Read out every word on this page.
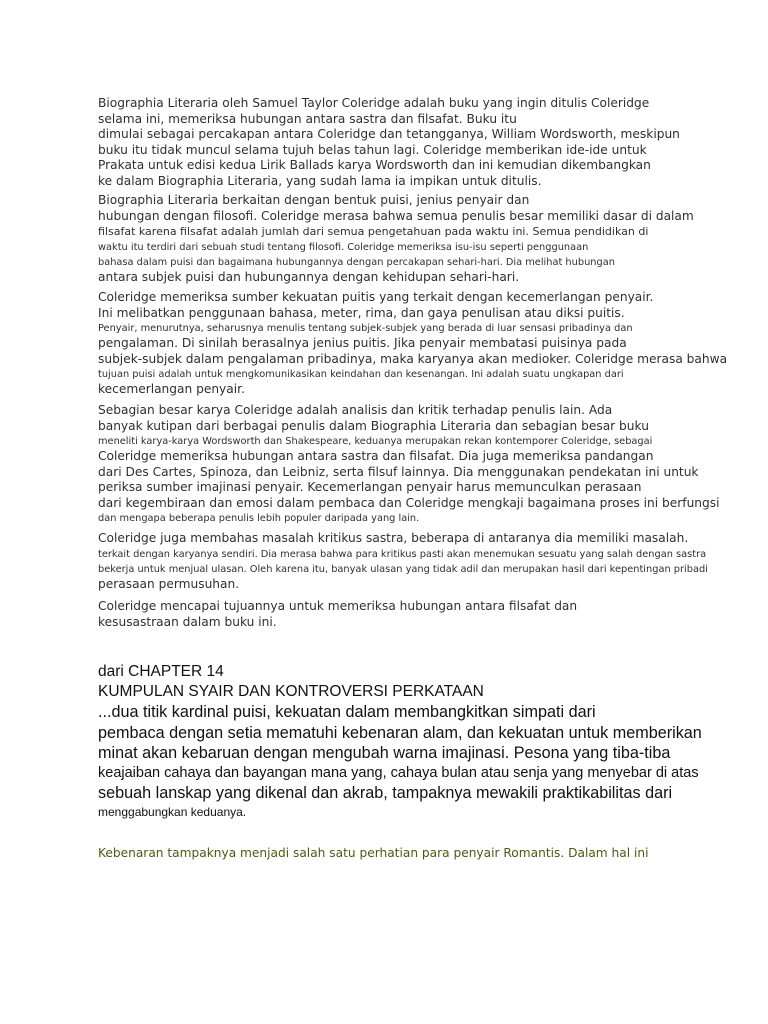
Biographia Literaria oleh Samuel Taylor Coleridge adalah buku yang ingin ditulis Coleridge
selama ini, memeriksa hubungan antara sastra dan filsafat. Buku itu
dimulai sebagai percakapan antara Coleridge dan tetangganya, William Wordsworth, meskipun
buku itu tidak muncul selama tujuh belas tahun lagi. Coleridge memberikan ide-ide untuk
Prakata untuk edisi kedua Lirik Ballads karya Wordsworth dan ini kemudian dikembangkan
ke dalam Biographia Literaria, yang sudah lama ia impikan untuk ditulis.
Biographia Literaria berkaitan dengan bentuk puisi, jenius penyair dan
hubungan dengan filosofi. Coleridge merasa bahwa semua penulis besar memiliki dasar di dalam
filsafat karena filsafat adalah jumlah dari semua pengetahuan pada waktu ini. Semua pendidikan di
waktu itu terdiri dari sebuah studi tentang filosofi. Coleridge memeriksa isu-isu seperti penggunaan
bahasa dalam puisi dan bagaimana hubungannya dengan percakapan sehari-hari. Dia melihat hubungan
antara subjek puisi dan hubungannya dengan kehidupan sehari-hari.
Coleridge memeriksa sumber kekuatan puitis yang terkait dengan kecemerlangan penyair.
Ini melibatkan penggunaan bahasa, meter, rima, dan gaya penulisan atau diksi puitis.
Penyair, menurutnya, seharusnya menulis tentang subjek-subjek yang berada di luar sensasi pribadinya dan
pengalaman. Di sinilah berasalnya jenius puitis. Jika penyair membatasi puisinya pada
subjek-subjek dalam pengalaman pribadinya, maka karyanya akan medioker. Coleridge merasa bahwa
tujuan puisi adalah untuk mengkomunikasikan keindahan dan kesenangan. Ini adalah suatu ungkapan dari
kecemerlangan penyair.
Sebagian besar karya Coleridge adalah analisis dan kritik terhadap penulis lain. Ada
banyak kutipan dari berbagai penulis dalam Biographia Literaria dan sebagian besar buku
meneliti karya-karya Wordsworth dan Shakespeare, keduanya merupakan rekan kontemporer Coleridge, sebagai
Coleridge memeriksa hubungan antara sastra dan filsafat. Dia juga memeriksa pandangan
dari Des Cartes, Spinoza, dan Leibniz, serta filsuf lainnya. Dia menggunakan pendekatan ini untuk
periksa sumber imajinasi penyair. Kecemerlangan penyair harus memunculkan perasaan
dari kegembiraan dan emosi dalam pembaca dan Coleridge mengkaji bagaimana proses ini berfungsi
dan mengapa beberapa penulis lebih populer daripada yang lain.
Coleridge juga membahas masalah kritikus sastra, beberapa di antaranya dia memiliki masalah.
terkait dengan karyanya sendiri. Dia merasa bahwa para kritikus pasti akan menemukan sesuatu yang salah dengan sastra
bekerja untuk menjual ulasan. Oleh karena itu, banyak ulasan yang tidak adil dan merupakan hasil dari kepentingan pribadi
perasaan permusuhan.
Coleridge mencapai tujuannya untuk memeriksa hubungan antara filsafat dan
kesusastraan dalam buku ini.
dari CHAPTER 14
KUMPULAN SYAIR DAN KONTROVERSI PERKATAAN
...dua titik kardinal puisi, kekuatan dalam membangkitkan simpati dari
pembaca dengan setia mematuhi kebenaran alam, dan kekuatan untuk memberikan
minat akan kebaruan dengan mengubah warna imajinasi. Pesona yang tiba-tiba
keajaiban cahaya dan bayangan mana yang, cahaya bulan atau senja yang menyebar di atas
sebuah lanskap yang dikenal dan akrab, tampaknya mewakili praktikabilitas dari
menggabungkan keduanya.
Kebenaran tampaknya menjadi salah satu perhatian para penyair Romantis. Dalam hal ini
